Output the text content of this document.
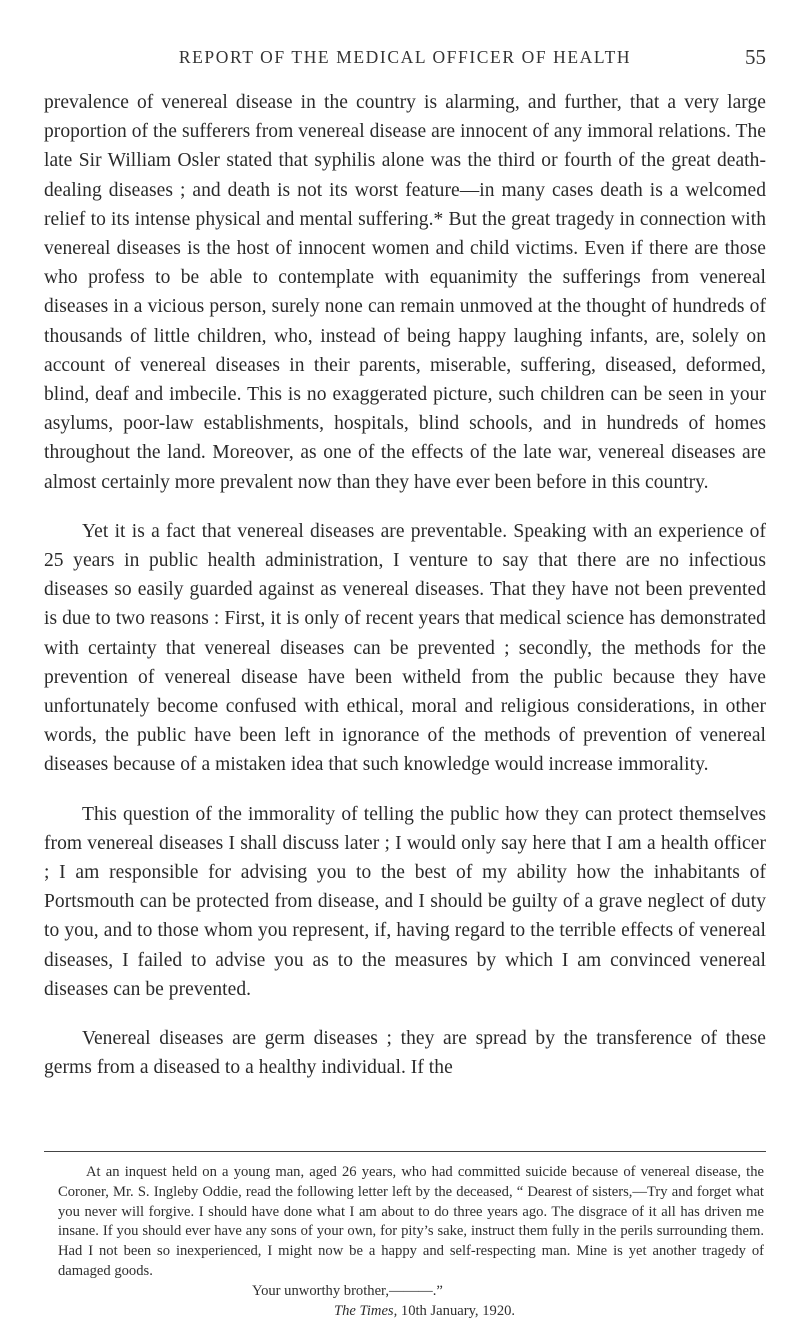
REPORT OF THE MEDICAL OFFICER OF HEALTH	55

prevalence of venereal disease in the country is alarming, and further, that a very large proportion of the sufferers from venereal disease are innocent of any immoral relations. The late Sir William Osler stated that syphilis alone was the third or fourth of the great death-dealing diseases ; and death is not its worst feature—in many cases death is a welcomed relief to its intense physical and mental suffering.* But the great tragedy in connection with venereal diseases is the host of innocent women and child victims. Even if there are those who profess to be able to contemplate with equanimity the sufferings from venereal diseases in a vicious person, surely none can remain unmoved at the thought of hundreds of thousands of little children, who, instead of being happy laughing infants, are, solely on account of venereal diseases in their parents, miserable, suffering, diseased, deformed, blind, deaf and imbecile. This is no exaggerated picture, such children can be seen in your asylums, poor-law establishments, hospitals, blind schools, and in hundreds of homes throughout the land. Moreover, as one of the effects of the late war, venereal diseases are almost certainly more prevalent now than they have ever been before in this country.

Yet it is a fact that venereal diseases are preventable. Speaking with an experience of 25 years in public health administration, I venture to say that there are no infectious diseases so easily guarded against as venereal diseases. That they have not been prevented is due to two reasons : First, it is only of recent years that medical science has demonstrated with certainty that venereal diseases can be prevented ; secondly, the methods for the prevention of venereal disease have been witheld from the public because they have unfortunately become confused with ethical, moral and religious considerations, in other words, the public have been left in ignorance of the methods of prevention of venereal diseases because of a mistaken idea that such knowledge would increase immorality.

This question of the immorality of telling the public how they can protect themselves from venereal diseases I shall discuss later ; I would only say here that I am a health officer ; I am responsible for advising you to the best of my ability how the inhabitants of Portsmouth can be protected from disease, and I should be guilty of a grave neglect of duty to you, and to those whom you represent, if, having regard to the terrible effects of venereal diseases, I failed to advise you as to the measures by which I am convinced venereal diseases can be prevented.

Venereal diseases are germ diseases ; they are spread by the transference of these germs from a diseased to a healthy individual. If the

At an inquest held on a young man, aged 26 years, who had committed suicide because of venereal disease, the Coroner, Mr. S. Ingleby Oddie, read the following letter left by the deceased, “ Dearest of sisters,—Try and forget what you never will forgive. I should have done what I am about to do three years ago. The disgrace of it all has driven me insane. If you should ever have any sons of your own, for pity’s sake, instruct them fully in the perils surrounding them. Had I not been so inexperienced, I might now be a happy and self-respecting man. Mine is yet another tragedy of damaged goods.

Your unworthy brother,———.”

The Times, 10th January, 1920.
